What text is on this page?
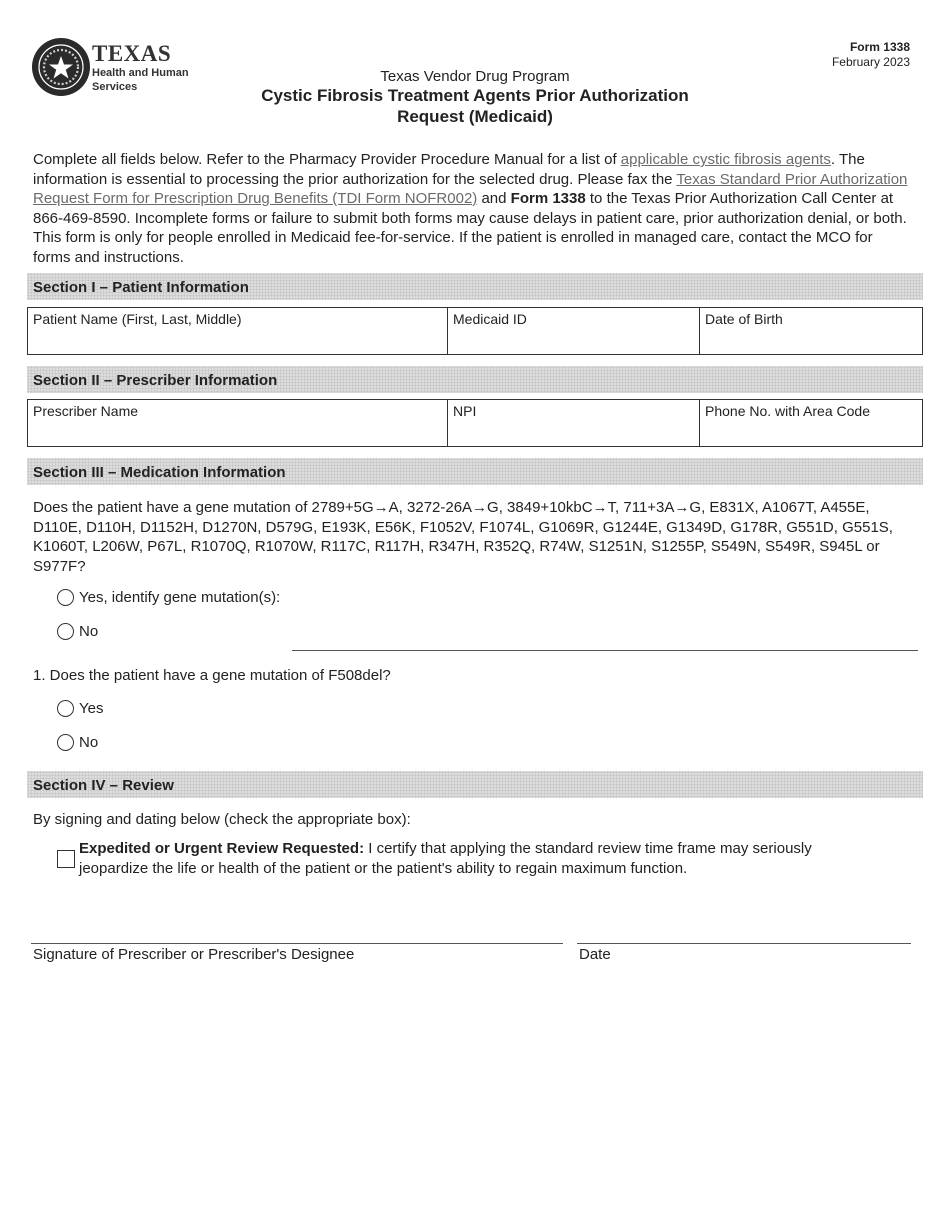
TEXAS
Health and Human
Services
Form 1338
February 2023
Texas Vendor Drug Program
Cystic Fibrosis Treatment Agents Prior Authorization
Request (Medicaid)
Complete all fields below. Refer to the Pharmacy Provider Procedure Manual for a list of applicable cystic fibrosis agents. The information is essential to processing the prior authorization for the selected drug. Please fax the Texas Standard Prior Authorization Request Form for Prescription Drug Benefits (TDI Form NOFR002) and Form 1338 to the Texas Prior Authorization Call Center at 866-469-8590. Incomplete forms or failure to submit both forms may cause delays in patient care, prior authorization denial, or both. This form is only for people enrolled in Medicaid fee-for-service. If the patient is enrolled in managed care, contact the MCO for forms and instructions.
Section I – Patient Information
Patient Name (First, Last, Middle)	Medicaid ID	Date of Birth
Section II – Prescriber Information
Prescriber Name	NPI	Phone No. with Area Code
Section III – Medication Information
Does the patient have a gene mutation of 2789+5G→A, 3272-26A→G, 3849+10kbC→T, 711+3A→G, E831X, A1067T, A455E, D110E, D110H, D1152H, D1270N, D579G, E193K, E56K, F1052V, F1074L, G1069R, G1244E, G1349D, G178R, G551D, G551S, K1060T, L206W, P67L, R1070Q, R1070W, R117C, R117H, R347H, R352Q, R74W, S1251N, S1255P, S549N, S549R, S945L or S977F?
Yes, identify gene mutation(s):
No
1. Does the patient have a gene mutation of F508del?
Yes
No
Section IV – Review
By signing and dating below (check the appropriate box):
Expedited or Urgent Review Requested: I certify that applying the standard review time frame may seriously jeopardize the life or health of the patient or the patient's ability to regain maximum function.
Signature of Prescriber or Prescriber's Designee	Date
